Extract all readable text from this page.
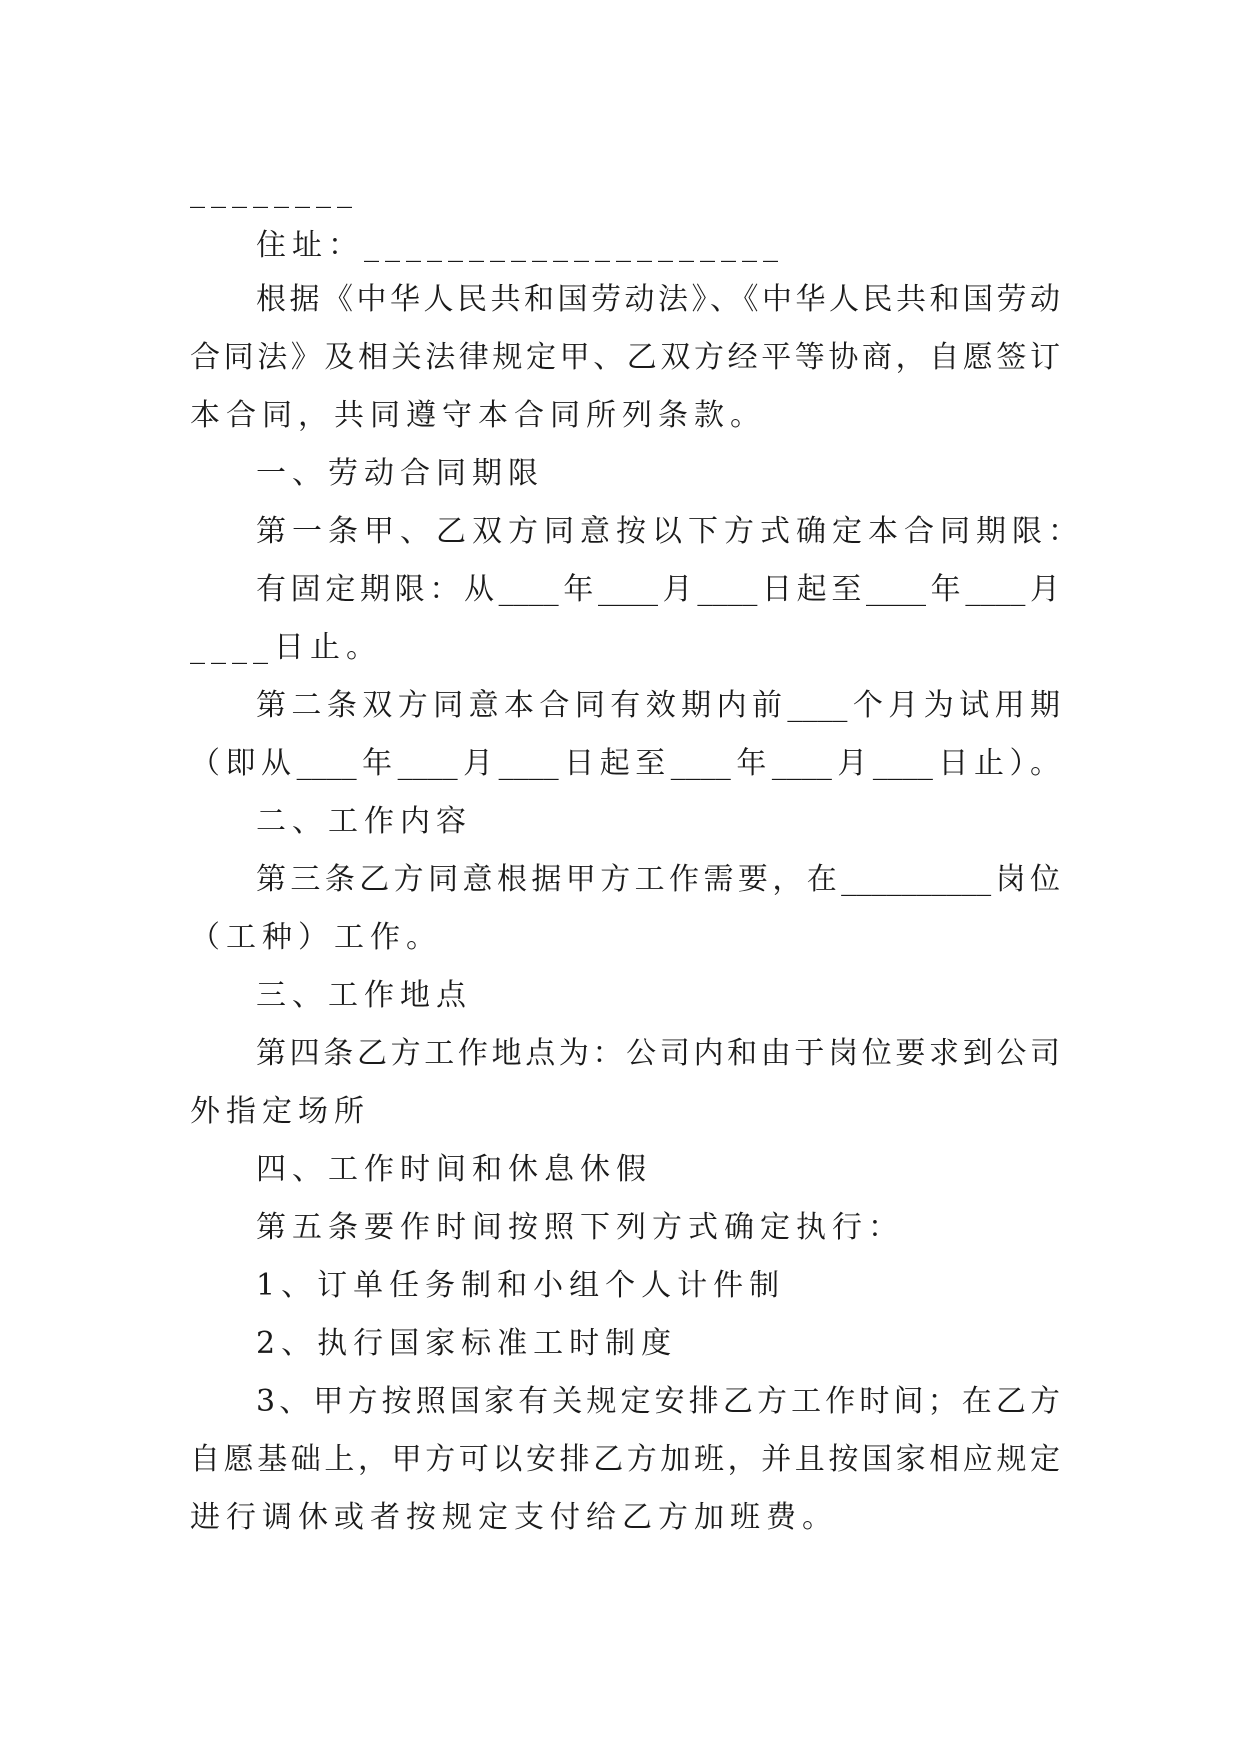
________
住址：____________________
根据《中华人民共和国劳动法》、《中华人民共和国劳动
合同法》及相关法律规定甲、乙双方经平等协商，自愿签订
本合同，共同遵守本合同所列条款。
一、劳动合同期限
第一条甲、乙双方同意按以下方式确定本合同期限：
有固定期限：从____年____月____日起至____年____月
____日止。
第二条双方同意本合同有效期内前____个月为试用期
（即从____年____月____日起至____年____月____日止）。
二、工作内容
第三条乙方同意根据甲方工作需要，在__________岗位
（工种）工作。
三、工作地点
第四条乙方工作地点为：公司内和由于岗位要求到公司
外指定场所
四、工作时间和休息休假
第五条要作时间按照下列方式确定执行：
1、订单任务制和小组个人计件制
2、执行国家标准工时制度
3、甲方按照国家有关规定安排乙方工作时间；在乙方
自愿基础上，甲方可以安排乙方加班，并且按国家相应规定
进行调休或者按规定支付给乙方加班费。
